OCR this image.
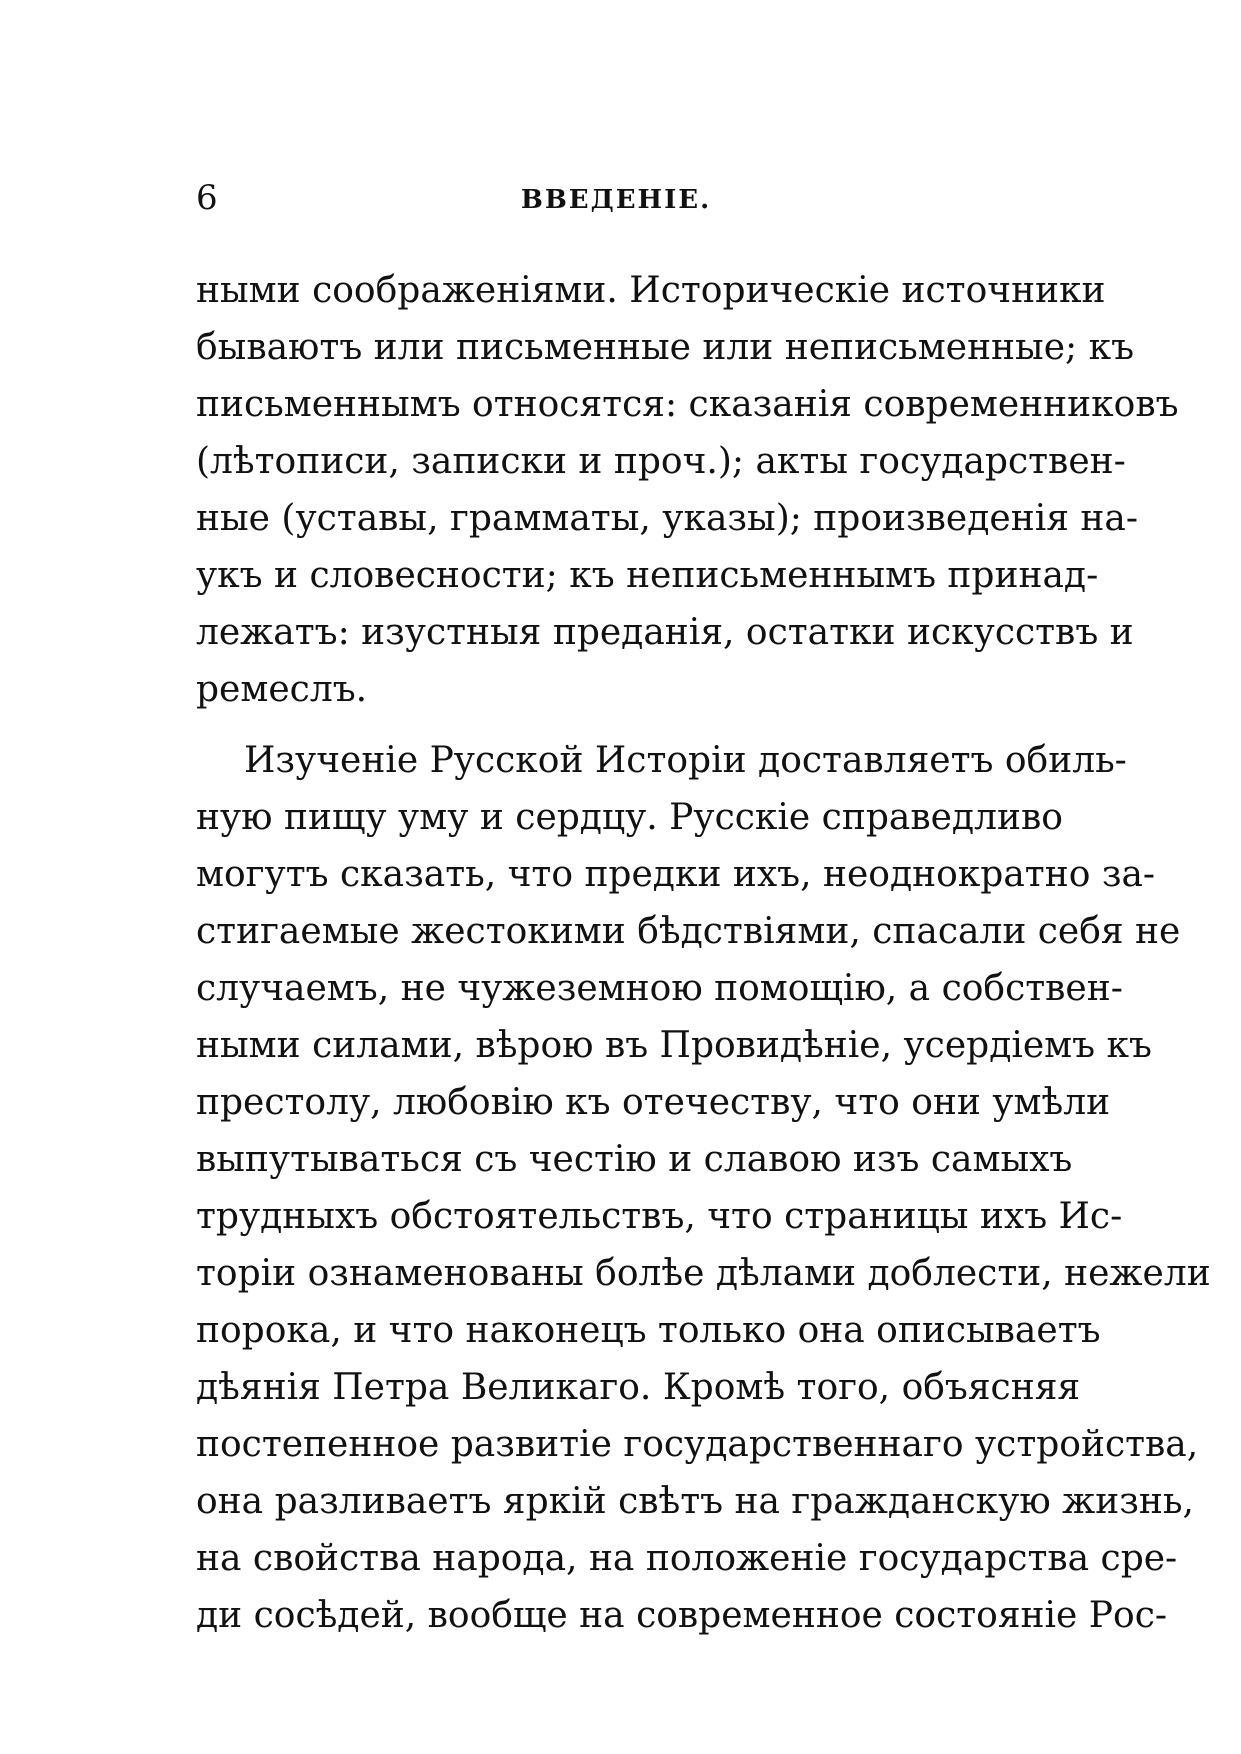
6	ВВЕДЕНIЕ.
ными соображенiями. Историческiе источники
бываютъ или письменные или неписьменные; къ
письменнымъ относятся: сказанiя современниковъ
(лѣтописи, записки и проч.); акты государствен-
ные (уставы, грамматы, указы); произведенiя на-
укъ и словесности; къ неписьменнымъ принад-
лежатъ: изустныя преданiя, остатки искусствъ и
ремеслъ.
Изученiе Русской Исторiи доставляетъ обиль-
ную пищу уму и сердцу. Русскiе справедливо
могутъ сказать, что предки ихъ, неоднократно за-
стигаемые жестокими бѣдствiями, спасали себя не
случаемъ, не чужеземною помощiю, а собствен-
ными силами, вѣрою въ Провидѣнiе, усердiемъ къ
престолу, любовiю къ отечеству, что они умѣли
выпутываться съ честiю и славою изъ самыхъ
трудныхъ обстоятельствъ, что страницы ихъ Ис-
торiи ознаменованы болѣе дѣлами доблести, нежели
порока, и что наконецъ только она описываетъ
дѣянiя Петра Великаго. Кромѣ того, объясняя
постепенное развитiе государственнаго устройства,
она разливаетъ яркiй свѣтъ на гражданскую жизнь,
на свойства народа, на положенiе государства сре-
ди сосѣдей, вообще на современное состоянiе Рос-
